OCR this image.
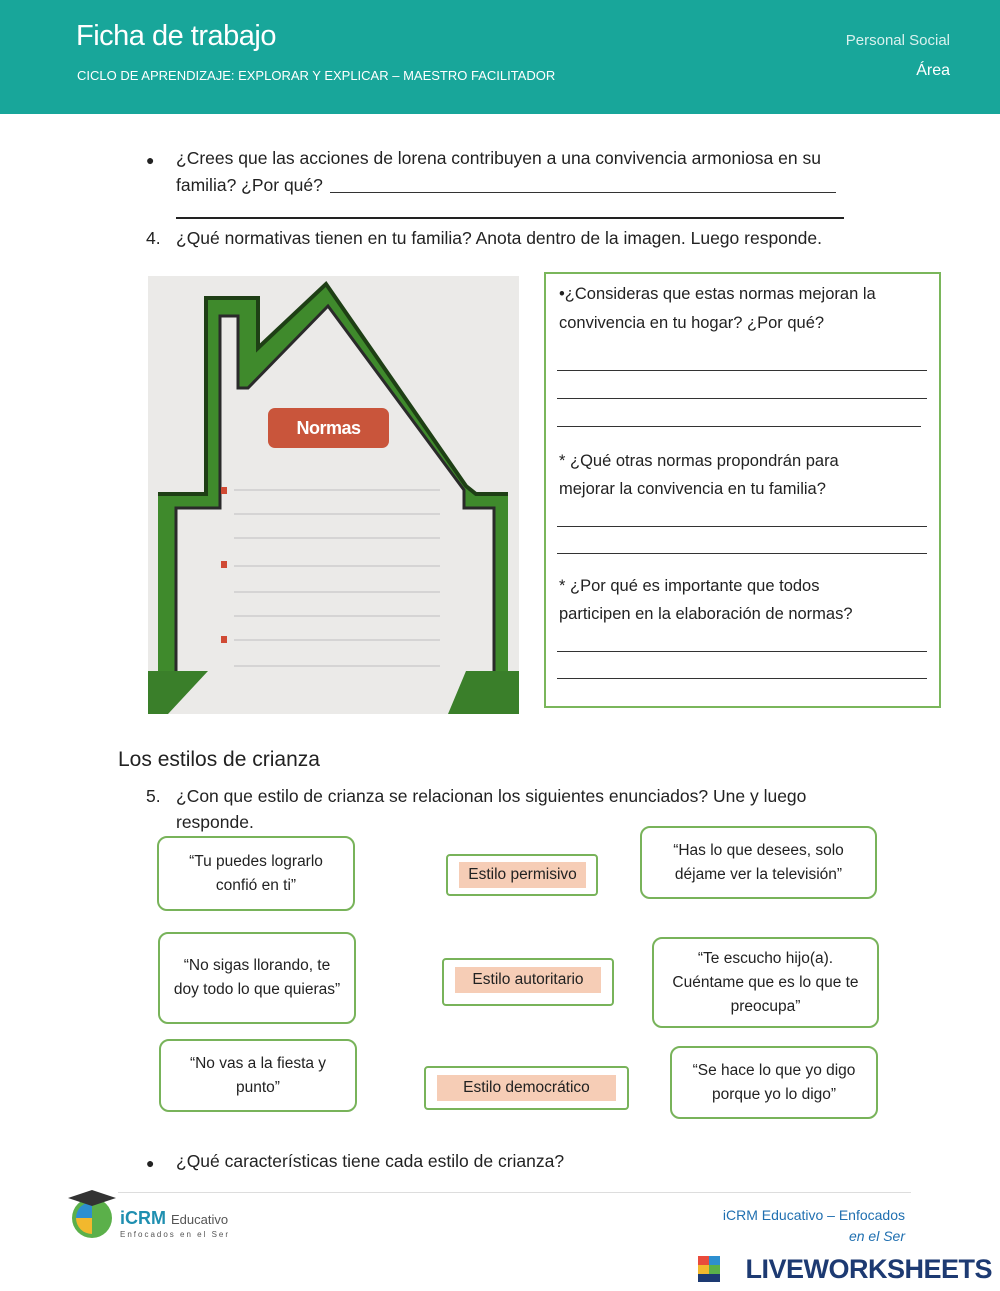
Ficha de trabajo
CICLO DE APRENDIZAJE: EXPLORAR Y EXPLICAR – MAESTRO FACILITADOR
Personal Social
Área
● ¿Crees que las acciones de lorena contribuyen a una convivencia armoniosa en su
familia? ¿Por qué?
4. ¿Qué normativas tienen en tu familia? Anota dentro de la imagen. Luego responde.
Normas
•¿Consideras que estas normas mejoran la
convivencia en tu hogar? ¿Por qué?
* ¿Qué otras normas propondrán para
mejorar la convivencia en tu familia?
* ¿Por qué es importante que todos
participen en la elaboración de normas?
Los estilos de crianza
5. ¿Con que estilo de crianza se relacionan los siguientes enunciados? Une y luego
responde.
“Tu puedes lograrlo confió en ti”
“No sigas llorando, te doy todo lo que quieras”
“No vas a la fiesta y punto”
Estilo permisivo
Estilo autoritario
Estilo democrático
“Has lo que desees, solo déjame ver la televisión”
“Te escucho hijo(a). Cuéntame que es lo que te preocupa”
“Se hace lo que yo digo porque yo lo digo”
● ¿Qué características tiene cada estilo de crianza?
iCRM Educativo
Enfocados en el Ser
iCRM Educativo – Enfocados
en el Ser
LIVEWORKSHEETS
